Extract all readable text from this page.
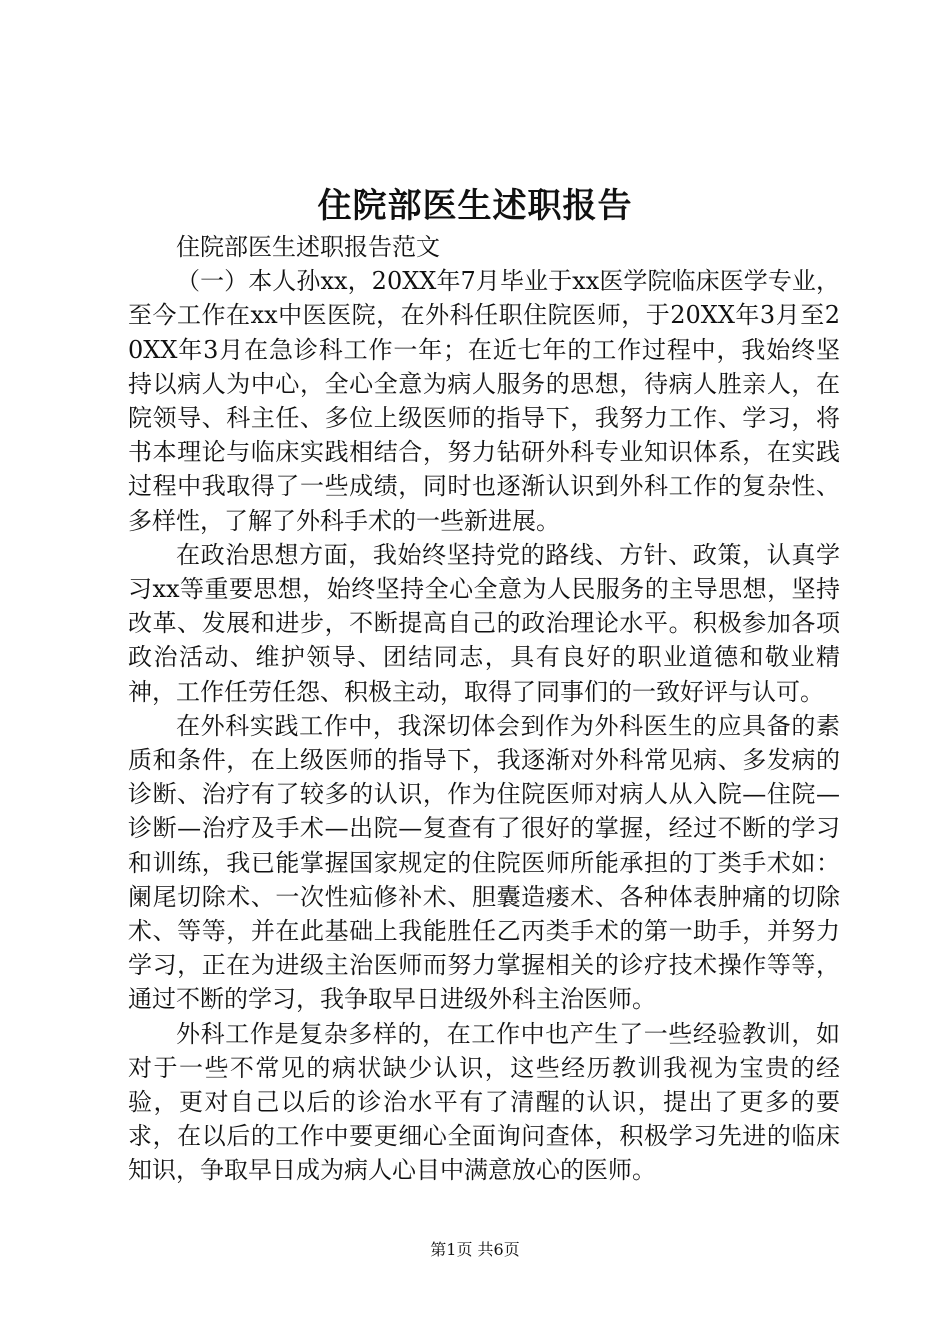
住院部医生述职报告

住院部医生述职报告范文

（一）本人孙xx，20XX年7月毕业于xx医学院临床医学专业，至今工作在xx中医医院，在外科任职住院医师，于20XX年3月至20XX年3月在急诊科工作一年；在近七年的工作过程中，我始终坚持以病人为中心，全心全意为病人服务的思想，待病人胜亲人，在院领导、科主任、多位上级医师的指导下，我努力工作、学习，将书本理论与临床实践相结合，努力钻研外科专业知识体系，在实践过程中我取得了一些成绩，同时也逐渐认识到外科工作的复杂性、多样性，了解了外科手术的一些新进展。

在政治思想方面，我始终坚持党的路线、方针、政策，认真学习xx等重要思想，始终坚持全心全意为人民服务的主导思想，坚持改革、发展和进步，不断提高自己的政治理论水平。积极参加各项政治活动、维护领导、团结同志，具有良好的职业道德和敬业精神，工作任劳任怨、积极主动，取得了同事们的一致好评与认可。

在外科实践工作中，我深切体会到作为外科医生的应具备的素质和条件，在上级医师的指导下，我逐渐对外科常见病、多发病的诊断、治疗有了较多的认识，作为住院医师对病人从入院—住院—诊断—治疗及手术—出院—复查有了很好的掌握，经过不断的学习和训练，我已能掌握国家规定的住院医师所能承担的丁类手术如：阑尾切除术、一次性疝修补术、胆囊造瘘术、各种体表肿痛的切除术、等等，并在此基础上我能胜任乙丙类手术的第一助手，并努力学习，正在为进级主治医师而努力掌握相关的诊疗技术操作等等，通过不断的学习，我争取早日进级外科主治医师。

外科工作是复杂多样的，在工作中也产生了一些经验教训，如对于一些不常见的病状缺少认识，这些经历教训我视为宝贵的经验，更对自己以后的诊治水平有了清醒的认识，提出了更多的要求，在以后的工作中要更细心全面询问查体，积极学习先进的临床知识，争取早日成为病人心目中满意放心的医师。

第1页 共6页
